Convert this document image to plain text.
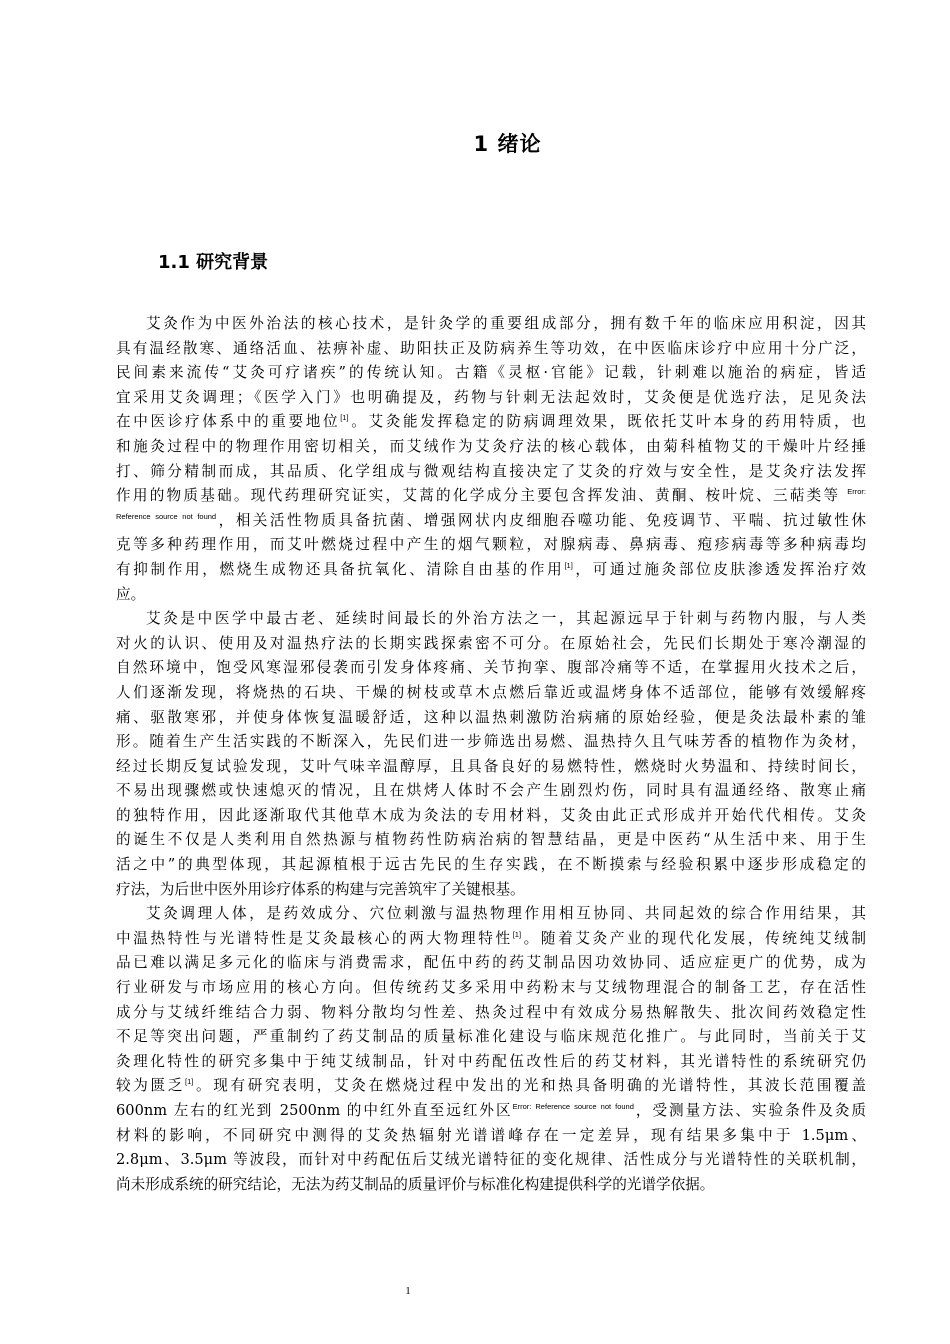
1 绪论
1.1 研究背景
艾灸作为中医外治法的核心技术，是针灸学的重要组成部分，拥有数千年的临床应用积淀，因其
具有温经散寒、通络活血、祛痹补虚、助阳扶正及防病养生等功效，在中医临床诊疗中应用十分广泛，
民间素来流传“艾灸可疗诸疾”的传统认知。古籍《灵枢·官能》记载，针刺难以施治的病症，皆适
宜采用艾灸调理；《医学入门》也明确提及，药物与针刺无法起效时，艾灸便是优选疗法，足见灸法
在中医诊疗体系中的重要地位[1]。艾灸能发挥稳定的防病调理效果，既依托艾叶本身的药用特质，也
和施灸过程中的物理作用密切相关，而艾绒作为艾灸疗法的核心载体，由菊科植物艾的干燥叶片经捶
打、筛分精制而成，其品质、化学组成与微观结构直接决定了艾灸的疗效与安全性，是艾灸疗法发挥
作用的物质基础。现代药理研究证实，艾蒿的化学成分主要包含挥发油、黄酮、桉叶烷、三萜类等 $^{Error:}$
$^{Reference source not found}$，相关活性物质具备抗菌、增强网状内皮细胞吞噬功能、免疫调节、平喘、抗过敏性休
克等多种药理作用，而艾叶燃烧过程中产生的烟气颗粒，对腺病毒、鼻病毒、疱疹病毒等多种病毒均
有抑制作用，燃烧生成物还具备抗氧化、清除自由基的作用[1]，可通过施灸部位皮肤渗透发挥治疗效
应。
艾灸是中医学中最古老、延续时间最长的外治方法之一，其起源远早于针刺与药物内服，与人类
对火的认识、使用及对温热疗法的长期实践探索密不可分。在原始社会，先民们长期处于寒冷潮湿的
自然环境中，饱受风寒湿邪侵袭而引发身体疼痛、关节拘挛、腹部冷痛等不适，在掌握用火技术之后，
人们逐渐发现，将烧热的石块、干燥的树枝或草木点燃后靠近或温烤身体不适部位，能够有效缓解疼
痛、驱散寒邪，并使身体恢复温暖舒适，这种以温热刺激防治病痛的原始经验，便是灸法最朴素的雏
形。随着生产生活实践的不断深入，先民们进一步筛选出易燃、温热持久且气味芳香的植物作为灸材，
经过长期反复试验发现，艾叶气味辛温醇厚，且具备良好的易燃特性，燃烧时火势温和、持续时间长，
不易出现骤燃或快速熄灭的情况，且在烘烤人体时不会产生剧烈灼伤，同时具有温通经络、散寒止痛
的独特作用，因此逐渐取代其他草木成为灸法的专用材料，艾灸由此正式形成并开始代代相传。艾灸
的诞生不仅是人类利用自然热源与植物药性防病治病的智慧结晶，更是中医药“从生活中来、用于生
活之中”的典型体现，其起源植根于远古先民的生存实践，在不断摸索与经验积累中逐步形成稳定的
疗法，为后世中医外用诊疗体系的构建与完善筑牢了关键根基。
艾灸调理人体，是药效成分、穴位刺激与温热物理作用相互协同、共同起效的综合作用结果，其
中温热特性与光谱特性是艾灸最核心的两大物理特性[1]。随着艾灸产业的现代化发展，传统纯艾绒制
品已难以满足多元化的临床与消费需求，配伍中药的药艾制品因功效协同、适应症更广的优势，成为
行业研发与市场应用的核心方向。但传统药艾多采用中药粉末与艾绒物理混合的制备工艺，存在活性
成分与艾绒纤维结合力弱、物料分散均匀性差、热灸过程中有效成分易热解散失、批次间药效稳定性
不足等突出问题，严重制约了药艾制品的质量标准化建设与临床规范化推广。与此同时，当前关于艾
灸理化特性的研究多集中于纯艾绒制品，针对中药配伍改性后的药艾材料，其光谱特性的系统研究仍
较为匮乏[1]。现有研究表明，艾灸在燃烧过程中发出的光和热具备明确的光谱特性，其波长范围覆盖
600nm 左右的红光到 2500nm 的中红外直至远红外区$^{Error: Reference source not found}$，受测量方法、实验条件及灸质
材料的影响，不同研究中测得的艾灸热辐射光谱谱峰存在一定差异，现有结果多集中于 1.5μm、
2.8μm、3.5μm 等波段，而针对中药配伍后艾绒光谱特征的变化规律、活性成分与光谱特性的关联机制，
尚未形成系统的研究结论，无法为药艾制品的质量评价与标准化构建提供科学的光谱学依据。
1
